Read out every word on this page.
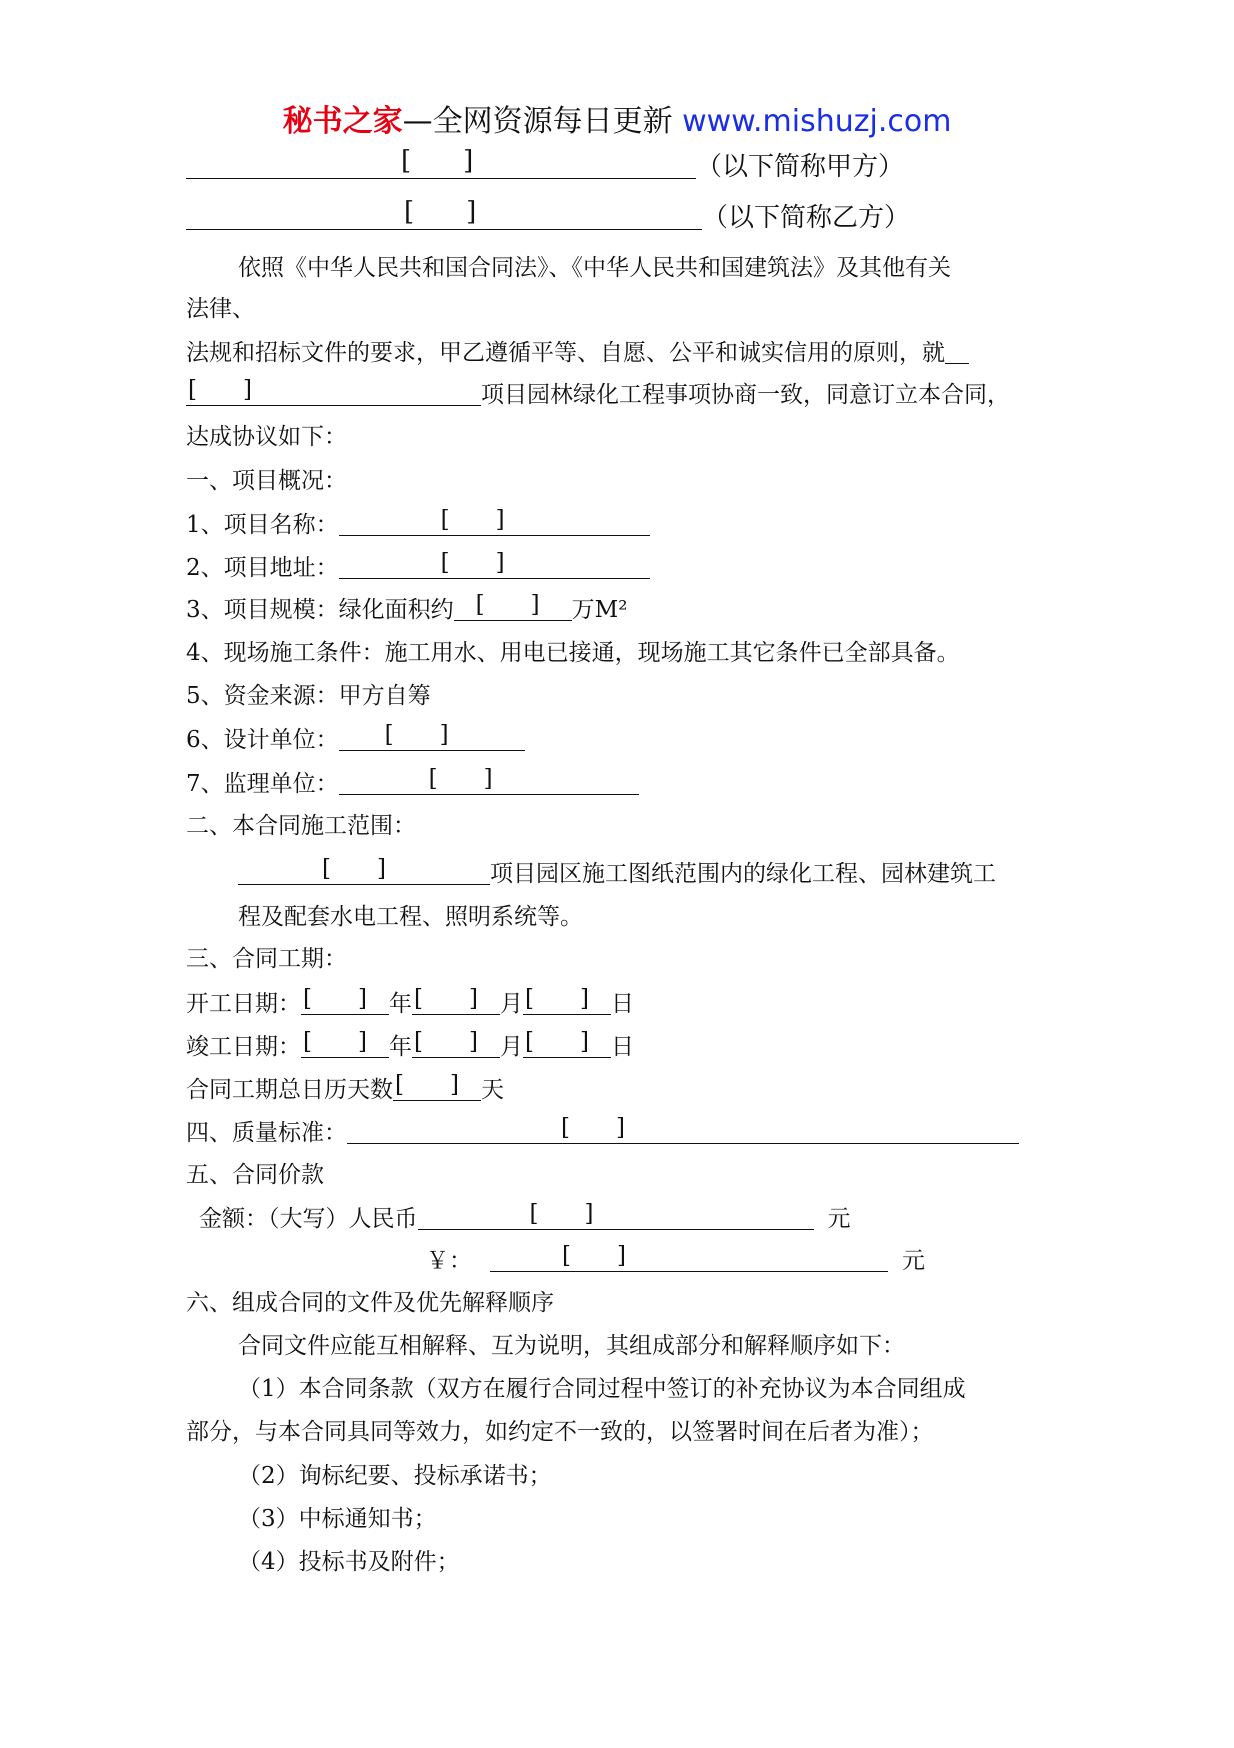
秘书之家—全网资源每日更新 www.mishuzj.com
[  ]	（以下简称甲方）
[  ]	（以下简称乙方）
依照《中华人民共和国合同法》、《中华人民共和国建筑法》及其他有关
法律、
法规和招标文件的要求，甲乙遵循平等、自愿、公平和诚实信用的原则，就
[  ]	项目园林绿化工程事项协商一致，同意订立本合同，
达成协议如下：
一、项目概况：
1、项目名称：	[  ]
2、项目地址：	[  ]
3、项目规模：绿化面积约 [  ] 万M²
4、现场施工条件：施工用水、用电已接通，现场施工其它条件已全部具备。
5、资金来源：甲方自筹
6、设计单位： [  ]
7、监理单位：	[  ]
二、本合同施工范围：
[  ]	项目园区施工图纸范围内的绿化工程、园林建筑工
程及配套水电工程、照明系统等。
三、合同工期：
开工日期： [  ] 年 [  ] 月 [  ] 日
竣工日期： [  ] 年 [  ] 月 [  ] 日
合同工期总日历天数 [  ] 天
四、质量标准：	[  ]
五、合同价款
金额：（大写）人民币	[  ]	元
￥：	[  ]	元
六、组成合同的文件及优先解释顺序
合同文件应能互相解释、互为说明，其组成部分和解释顺序如下：
（1）本合同条款（双方在履行合同过程中签订的补充协议为本合同组成
部分，与本合同具同等效力，如约定不一致的，以签署时间在后者为准）；
（2）询标纪要、投标承诺书；
（3）中标通知书；
（4）投标书及附件；
